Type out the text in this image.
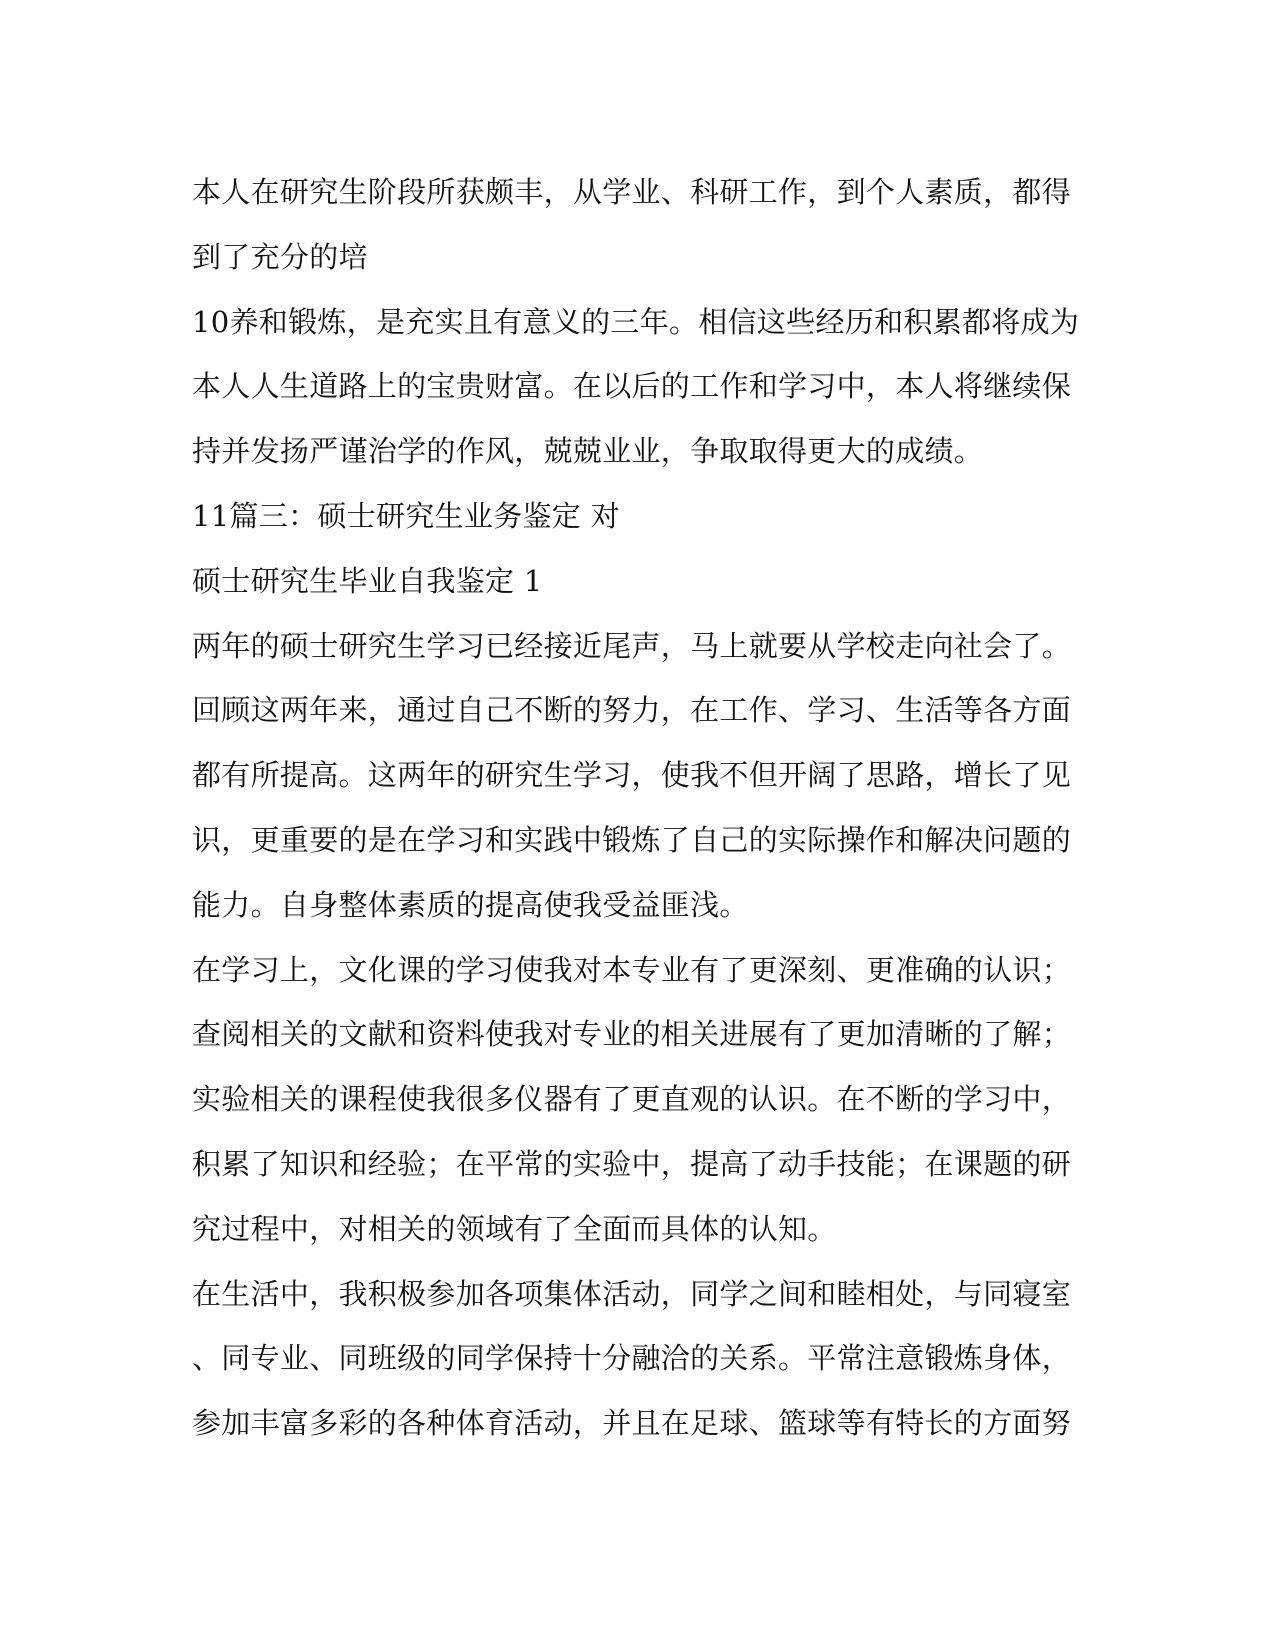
本人在研究生阶段所获颇丰，从学业、科研工作，到个人素质，都得
到了充分的培
10养和锻炼，是充实且有意义的三年。相信这些经历和积累都将成为
本人人生道路上的宝贵财富。在以后的工作和学习中，本人将继续保
持并发扬严谨治学的作风，兢兢业业，争取取得更大的成绩。
11篇三：硕士研究生业务鉴定 对
硕士研究生毕业自我鉴定 1
两年的硕士研究生学习已经接近尾声，马上就要从学校走向社会了。
回顾这两年来，通过自己不断的努力，在工作、学习、生活等各方面
都有所提高。这两年的研究生学习，使我不但开阔了思路，增长了见
识，更重要的是在学习和实践中锻炼了自己的实际操作和解决问题的
能力。自身整体素质的提高使我受益匪浅。
在学习上，文化课的学习使我对本专业有了更深刻、更准确的认识；
查阅相关的文献和资料使我对专业的相关进展有了更加清晰的了解；
实验相关的课程使我很多仪器有了更直观的认识。在不断的学习中，
积累了知识和经验；在平常的实验中，提高了动手技能；在课题的研
究过程中，对相关的领域有了全面而具体的认知。
在生活中，我积极参加各项集体活动，同学之间和睦相处，与同寝室
、同专业、同班级的同学保持十分融洽的关系。平常注意锻炼身体，
参加丰富多彩的各种体育活动，并且在足球、篮球等有特长的方面努
